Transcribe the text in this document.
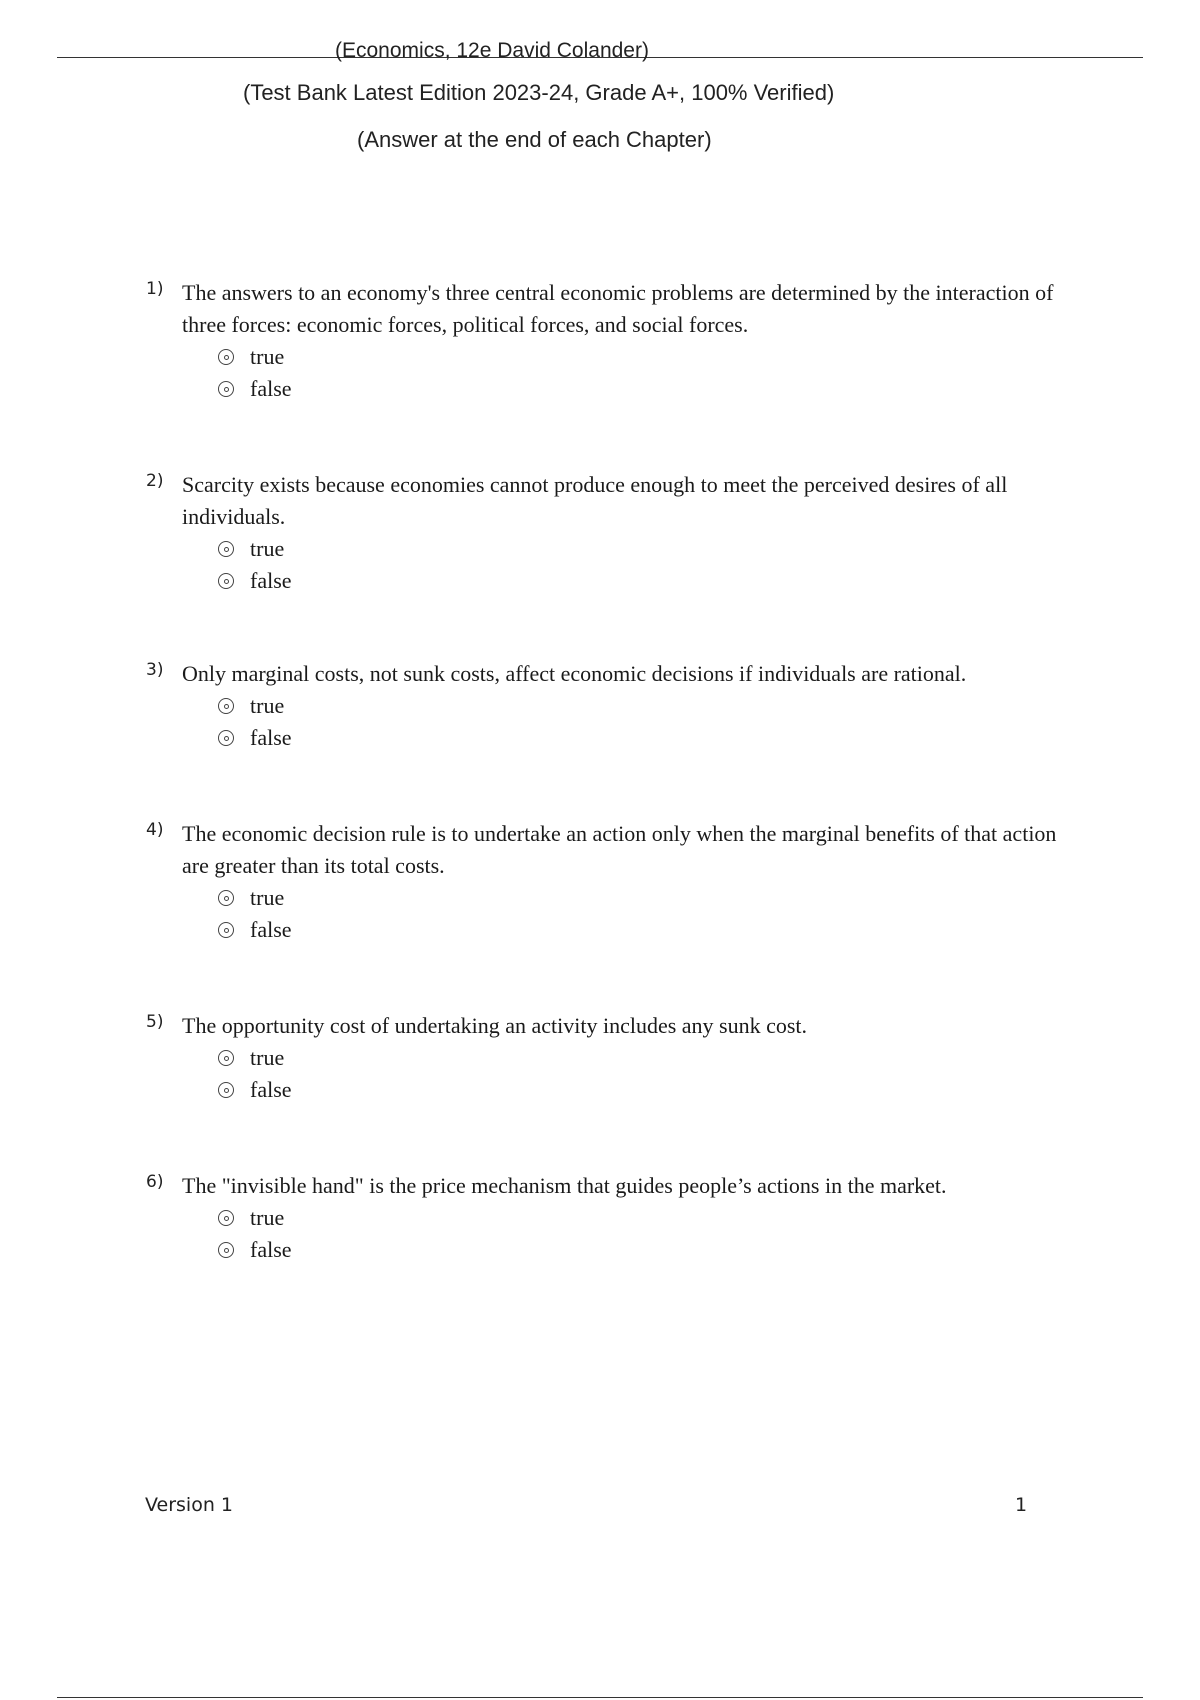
(Economics, 12e David Colander)
(Test Bank Latest Edition 2023-24, Grade A+, 100% Verified)
(Answer at the end of each Chapter)
1) The answers to an economy's three central economic problems are determined by the interaction of three forces: economic forces, political forces, and social forces.
true
false
2) Scarcity exists because economies cannot produce enough to meet the perceived desires of all individuals.
true
false
3) Only marginal costs, not sunk costs, affect economic decisions if individuals are rational.
true
false
4) The economic decision rule is to undertake an action only when the marginal benefits of that action are greater than its total costs.
true
false
5) The opportunity cost of undertaking an activity includes any sunk cost.
true
false
6) The "invisible hand" is the price mechanism that guides people’s actions in the market.
true
false
Version 1	1
